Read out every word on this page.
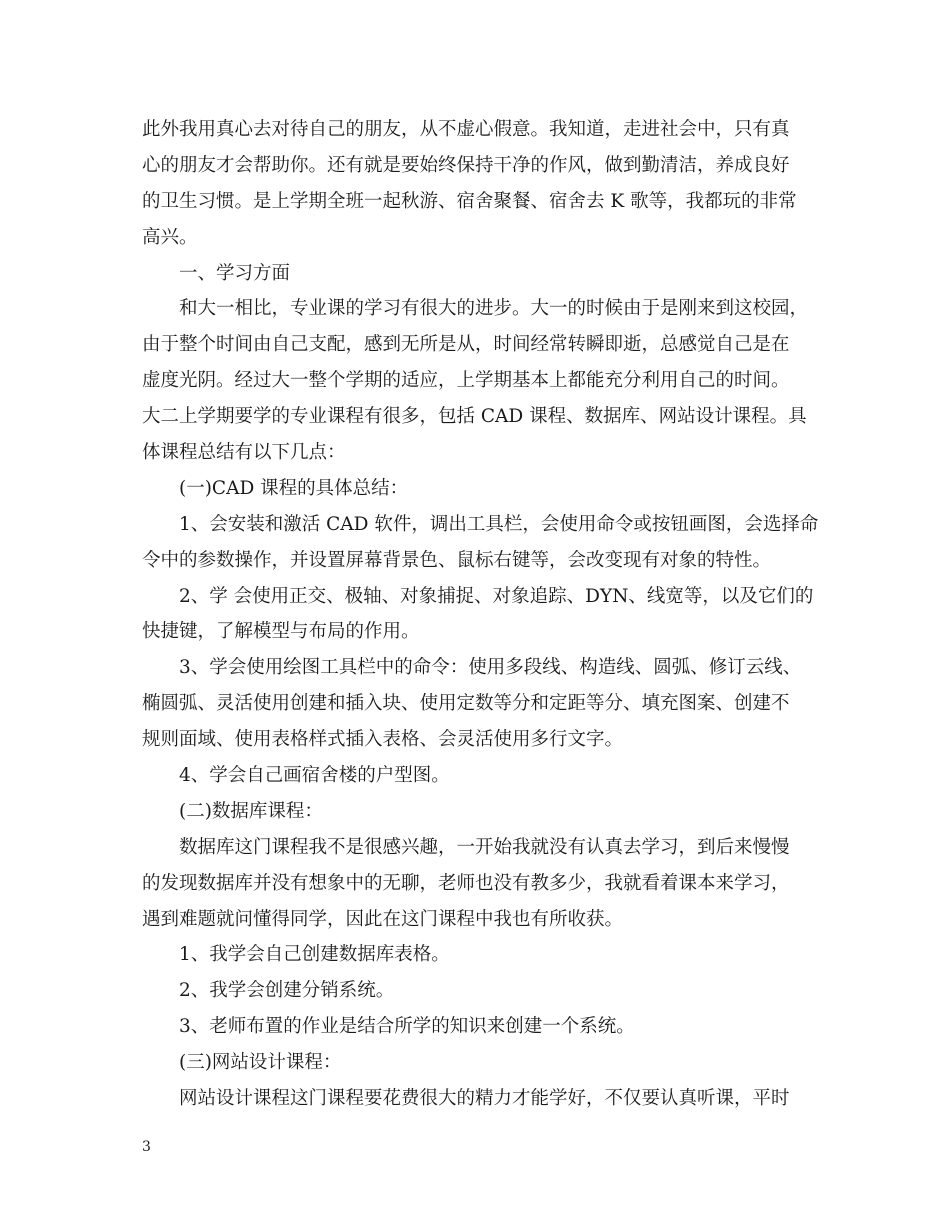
此外我用真心去对待自己的朋友，从不虚心假意。我知道，走进社会中，只有真
心的朋友才会帮助你。还有就是要始终保持干净的作风，做到勤清洁，养成良好
的卫生习惯。是上学期全班一起秋游、宿舍聚餐、宿舍去 K 歌等，我都玩的非常
高兴。
一、学习方面
和大一相比，专业课的学习有很大的进步。大一的时候由于是刚来到这校园，
由于整个时间由自己支配，感到无所是从，时间经常转瞬即逝，总感觉自己是在
虚度光阴。经过大一整个学期的适应，上学期基本上都能充分利用自己的时间。
大二上学期要学的专业课程有很多，包括 CAD 课程、数据库、网站设计课程。具
体课程总结有以下几点：
(一)CAD 课程的具体总结：
1、会安装和激活 CAD 软件，调出工具栏，会使用命令或按钮画图，会选择命
令中的参数操作，并设置屏幕背景色、鼠标右键等，会改变现有对象的特性。
2、学 会使用正交、极轴、对象捕捉、对象追踪、DYN、线宽等，以及它们的
快捷键，了解模型与布局的作用。
3、学会使用绘图工具栏中的命令：使用多段线、构造线、圆弧、修订云线、
椭圆弧、灵活使用创建和插入块、使用定数等分和定距等分、填充图案、创建不
规则面域、使用表格样式插入表格、会灵活使用多行文字。
4、学会自己画宿舍楼的户型图。
(二)数据库课程：
数据库这门课程我不是很感兴趣，一开始我就没有认真去学习，到后来慢慢
的发现数据库并没有想象中的无聊，老师也没有教多少，我就看着课本来学习，
遇到难题就问懂得同学，因此在这门课程中我也有所收获。
1、我学会自己创建数据库表格。
2、我学会创建分销系统。
3、老师布置的作业是结合所学的知识来创建一个系统。
(三)网站设计课程：
网站设计课程这门课程要花费很大的精力才能学好，不仅要认真听课，平时
3
